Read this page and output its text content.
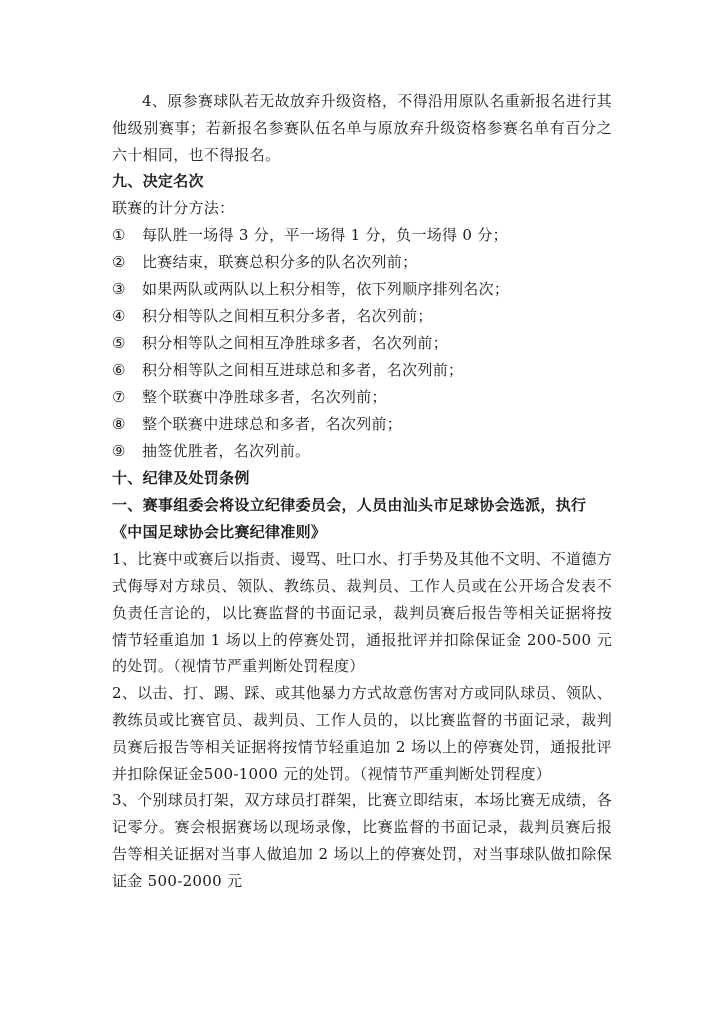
4、原参赛球队若无故放弃升级资格，不得沿用原队名重新报名进行其他级别赛事；若新报名参赛队伍名单与原放弃升级资格参赛名单有百分之六十相同，也不得报名。

九、决定名次

联赛的计分方法：

①	每队胜一场得 3 分，平一场得 1 分，负一场得 0 分；
②	比赛结束，联赛总积分多的队名次列前；
③	如果两队或两队以上积分相等，依下列顺序排列名次；
④	积分相等队之间相互积分多者，名次列前；
⑤	积分相等队之间相互净胜球多者，名次列前；
⑥	积分相等队之间相互进球总和多者，名次列前；
⑦	整个联赛中净胜球多者，名次列前；
⑧	整个联赛中进球总和多者，名次列前；
⑨	抽签优胜者，名次列前。

十、纪律及处罚条例

一、赛事组委会将设立纪律委员会，人员由汕头市足球协会选派，执行《中国足球协会比赛纪律准则》

1、比赛中或赛后以指责、谩骂、吐口水、打手势及其他不文明、不道德方式侮辱对方球员、领队、教练员、裁判员、工作人员或在公开场合发表不负责任言论的，以比赛监督的书面记录，裁判员赛后报告等相关证据将按情节轻重追加 1 场以上的停赛处罚，通报批评并扣除保证金 200-500 元的处罚。（视情节严重判断处罚程度）

2、以击、打、踢、踩、或其他暴力方式故意伤害对方或同队球员、领队、教练员或比赛官员、裁判员、工作人员的，以比赛监督的书面记录，裁判员赛后报告等相关证据将按情节轻重追加 2 场以上的停赛处罚，通报批评并扣除保证金500-1000 元的处罚。（视情节严重判断处罚程度）

3、个别球员打架，双方球员打群架，比赛立即结束，本场比赛无成绩，各记零分。赛会根据赛场以现场录像，比赛监督的书面记录，裁判员赛后报告等相关证据对当事人做追加 2 场以上的停赛处罚，对当事球队做扣除保证金 500-2000 元
